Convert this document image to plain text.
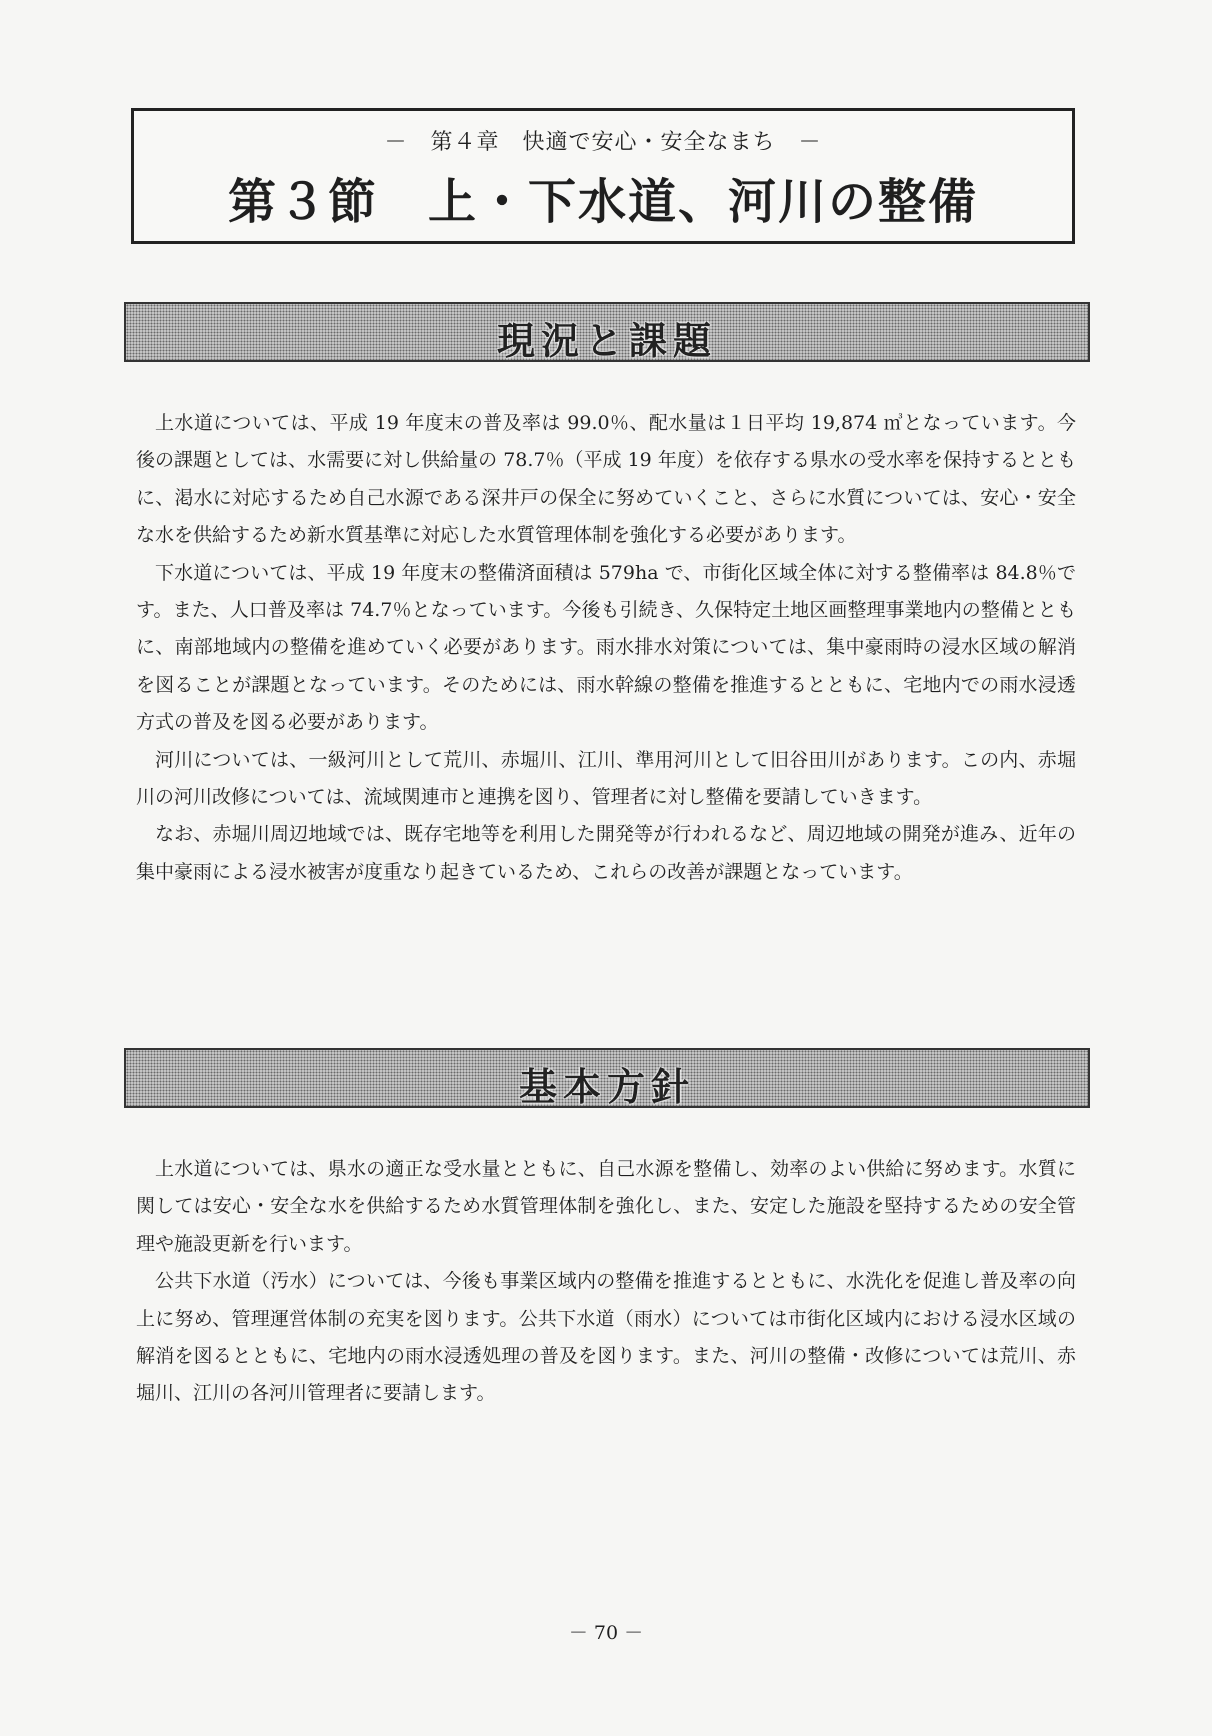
－　第４章　快適で安心・安全なまち　－
第３節　上・下水道、河川の整備
現況と課題

上水道については、平成 19 年度末の普及率は 99.0％、配水量は１日平均 19,874 ㎥となっています。今後の課題としては、水需要に対し供給量の 78.7％（平成 19 年度）を依存する県水の受水率を保持するとともに、渇水に対応するため自己水源である深井戸の保全に努めていくこと、さらに水質については、安心・安全な水を供給するため新水質基準に対応した水質管理体制を強化する必要があります。

下水道については、平成 19 年度末の整備済面積は 579ha で、市街化区域全体に対する整備率は 84.8％です。また、人口普及率は 74.7％となっています。今後も引続き、久保特定土地区画整理事業地内の整備とともに、南部地域内の整備を進めていく必要があります。雨水排水対策については、集中豪雨時の浸水区域の解消を図ることが課題となっています。そのためには、雨水幹線の整備を推進するとともに、宅地内での雨水浸透方式の普及を図る必要があります。

河川については、一級河川として荒川、赤堀川、江川、準用河川として旧谷田川があります。この内、赤堀川の河川改修については、流域関連市と連携を図り、管理者に対し整備を要請していきます。

なお、赤堀川周辺地域では、既存宅地等を利用した開発等が行われるなど、周辺地域の開発が進み、近年の集中豪雨による浸水被害が度重なり起きているため、これらの改善が課題となっています。

基本方針

上水道については、県水の適正な受水量とともに、自己水源を整備し、効率のよい供給に努めます。水質に関しては安心・安全な水を供給するため水質管理体制を強化し、また、安定した施設を堅持するための安全管理や施設更新を行います。

公共下水道（汚水）については、今後も事業区域内の整備を推進するとともに、水洗化を促進し普及率の向上に努め、管理運営体制の充実を図ります。公共下水道（雨水）については市街化区域内における浸水区域の解消を図るとともに、宅地内の雨水浸透処理の普及を図ります。また、河川の整備・改修については荒川、赤堀川、江川の各河川管理者に要請します。

－ 70 －
